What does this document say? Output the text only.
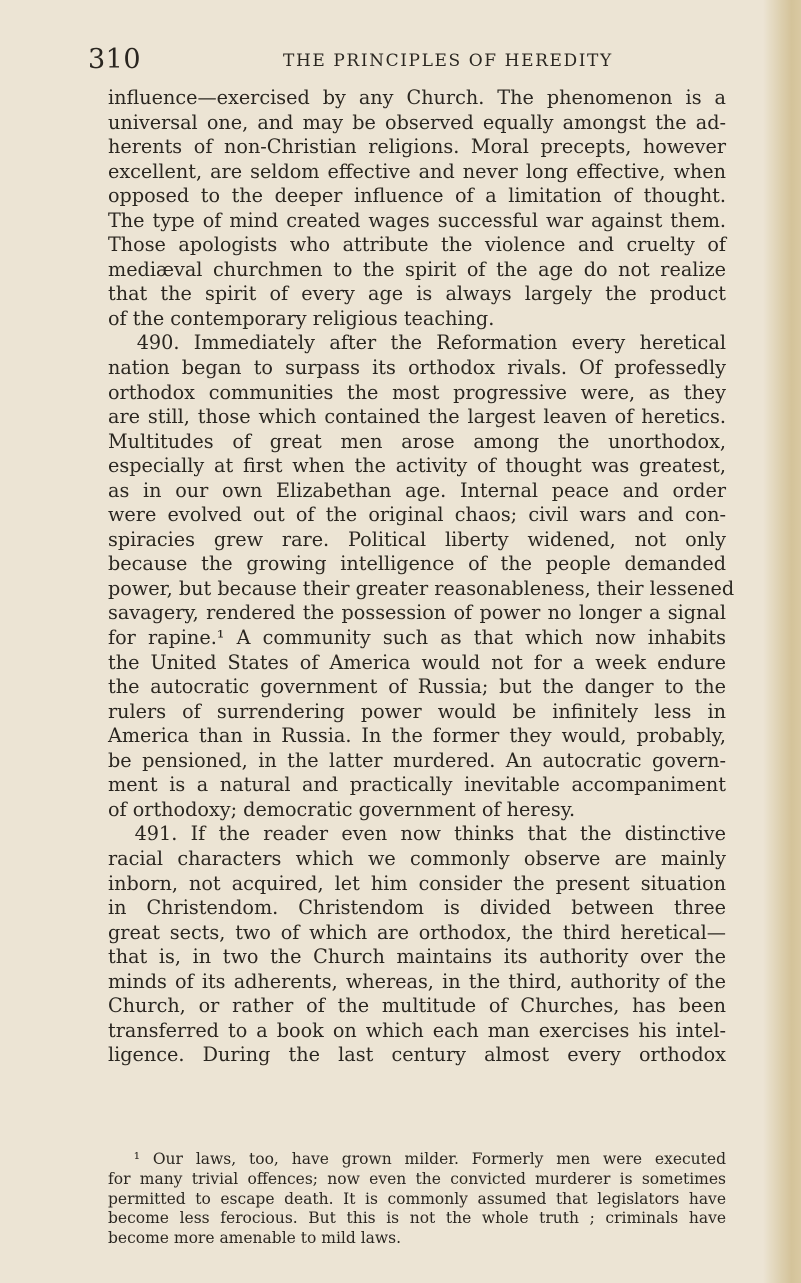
310	THE PRINCIPLES OF HEREDITY
influence—exercised by any Church. The phenomenon is a
universal one, and may be observed equally amongst the ad-
herents of non-Christian religions. Moral precepts, however
excellent, are seldom effective and never long effective, when
opposed to the deeper influence of a limitation of thought.
The type of mind created wages successful war against them.
Those apologists who attribute the violence and cruelty of
mediæval churchmen to the spirit of the age do not realize
that the spirit of every age is always largely the product
of the contemporary religious teaching.
490. Immediately after the Reformation every heretical
nation began to surpass its orthodox rivals. Of professedly
orthodox communities the most progressive were, as they
are still, those which contained the largest leaven of heretics.
Multitudes of great men arose among the unorthodox,
especially at first when the activity of thought was greatest,
as in our own Elizabethan age. Internal peace and order
were evolved out of the original chaos; civil wars and con-
spiracies grew rare. Political liberty widened, not only
because the growing intelligence of the people demanded
power, but because their greater reasonableness, their lessened
savagery, rendered the possession of power no longer a signal
for rapine.¹ A community such as that which now inhabits
the United States of America would not for a week endure
the autocratic government of Russia; but the danger to the
rulers of surrendering power would be infinitely less in
America than in Russia. In the former they would, probably,
be pensioned, in the latter murdered. An autocratic govern-
ment is a natural and practically inevitable accompaniment
of orthodoxy; democratic government of heresy.
491. If the reader even now thinks that the distinctive
racial characters which we commonly observe are mainly
inborn, not acquired, let him consider the present situation
in Christendom. Christendom is divided between three
great sects, two of which are orthodox, the third heretical—
that is, in two the Church maintains its authority over the
minds of its adherents, whereas, in the third, authority of the
Church, or rather of the multitude of Churches, has been
transferred to a book on which each man exercises his intel-
ligence. During the last century almost every orthodox
¹ Our laws, too, have grown milder. Formerly men were executed
for many trivial offences; now even the convicted murderer is sometimes
permitted to escape death. It is commonly assumed that legislators have
become less ferocious. But this is not the whole truth ; criminals have
become more amenable to mild laws.
